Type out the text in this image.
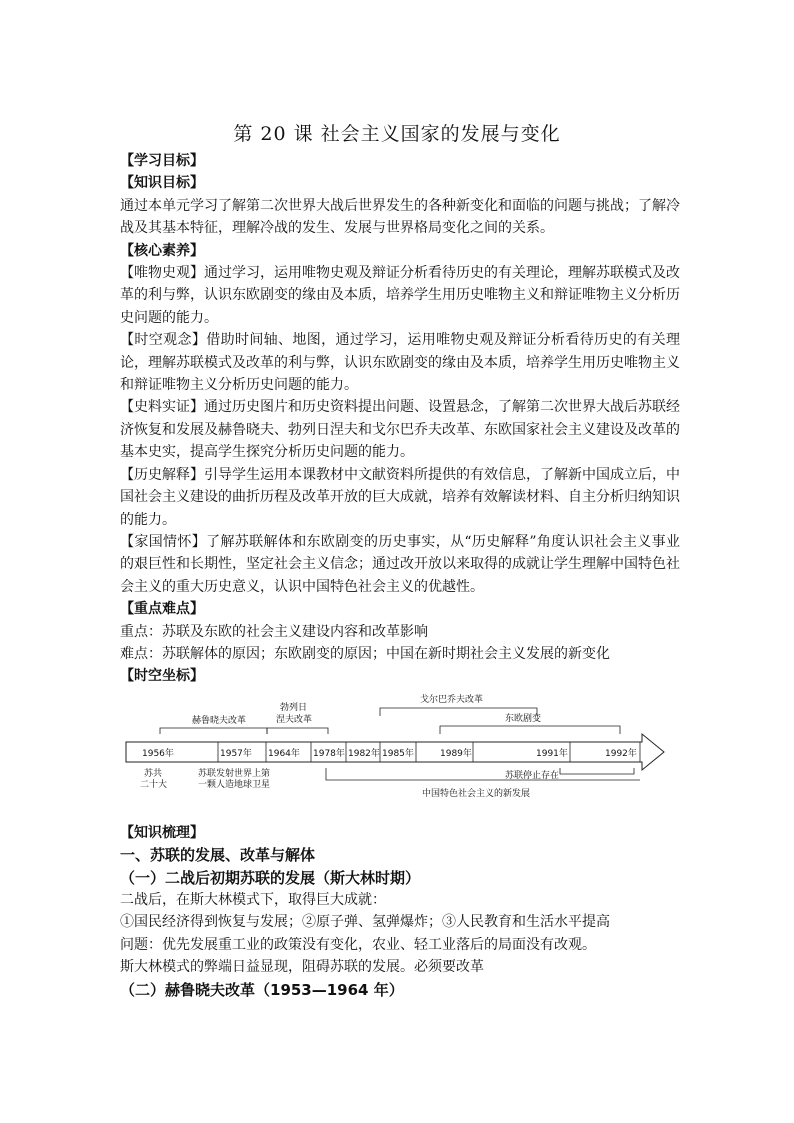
第 20 课 社会主义国家的发展与变化

【学习目标】

【知识目标】

通过本单元学习了解第二次世界大战后世界发生的各种新变化和面临的问题与挑战；了解冷战及其基本特征，理解冷战的发生、发展与世界格局变化之间的关系。

【核心素养】

【唯物史观】通过学习，运用唯物史观及辩证分析看待历史的有关理论，理解苏联模式及改革的利与弊，认识东欧剧变的缘由及本质，培养学生用历史唯物主义和辩证唯物主义分析历史问题的能力。

【时空观念】借助时间轴、地图，通过学习，运用唯物史观及辩证分析看待历史的有关理论，理解苏联模式及改革的利与弊，认识东欧剧变的缘由及本质，培养学生用历史唯物主义和辩证唯物主义分析历史问题的能力。

【史料实证】通过历史图片和历史资料提出问题、设置悬念，了解第二次世界大战后苏联经济恢复和发展及赫鲁晓夫、勃列日涅夫和戈尔巴乔夫改革、东欧国家社会主义建设及改革的基本史实，提高学生探究分析历史问题的能力。

【历史解释】引导学生运用本课教材中文献资料所提供的有效信息，了解新中国成立后，中国社会主义建设的曲折历程及改革开放的巨大成就，培养有效解读材料、自主分析归纳知识的能力。

【家国情怀】了解苏联解体和东欧剧变的历史事实，从“历史解释”角度认识社会主义事业的艰巨性和长期性，坚定社会主义信念；通过改开放以来取得的成就让学生理解中国特色社会主义的重大历史意义，认识中国特色社会主义的优越性。

【重点难点】

重点：苏联及东欧的社会主义建设内容和改革影响

难点：苏联解体的原因；东欧剧变的原因；中国在新时期社会主义发展的新变化

【时空坐标】

1956年	1957年 1964年 1978年 1982年 1985年	1989年	1991年	1992年
赫鲁晓夫改革
勃列日
涅夫改革
戈尔巴乔夫改革
东欧剧变
苏共
二十大
苏联发射世界上第
一颗人造地球卫星
苏联停止存在
中国特色社会主义的新发展

【知识梳理】

一、苏联的发展、改革与解体

（一）二战后初期苏联的发展（斯大林时期）

二战后，在斯大林模式下，取得巨大成就：

①国民经济得到恢复与发展；②原子弹、氢弹爆炸；③人民教育和生活水平提高

问题：优先发展重工业的政策没有变化，农业、轻工业落后的局面没有改观。

斯大林模式的弊端日益显现，阻碍苏联的发展。必须要改革

（二）赫鲁晓夫改革（1953—1964 年）
